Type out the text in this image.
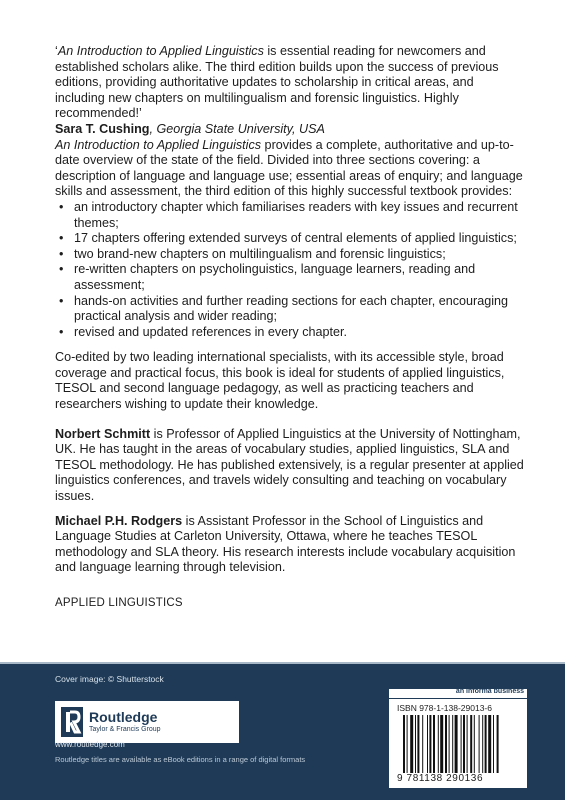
‘An Introduction to Applied Linguistics is essential reading for newcomers and established scholars alike. The third edition builds upon the success of previous editions, providing authoritative updates to scholarship in critical areas, and including new chapters on multilingualism and forensic linguistics. Highly recommended!’
Sara T. Cushing, Georgia State University, USA

An Introduction to Applied Linguistics provides a complete, authoritative and up-to-date overview of the state of the field. Divided into three sections covering: a description of language and language use; essential areas of enquiry; and language skills and assessment, the third edition of this highly successful textbook provides:

• an introductory chapter which familiarises readers with key issues and recurrent themes;
• 17 chapters offering extended surveys of central elements of applied linguistics;
• two brand-new chapters on multilingualism and forensic linguistics;
• re-written chapters on psycholinguistics, language learners, reading and assessment;
• hands-on activities and further reading sections for each chapter, encouraging practical analysis and wider reading;
• revised and updated references in every chapter.

Co-edited by two leading international specialists, with its accessible style, broad coverage and practical focus, this book is ideal for students of applied linguistics, TESOL and second language pedagogy, as well as practicing teachers and researchers wishing to update their knowledge.

Norbert Schmitt is Professor of Applied Linguistics at the University of Nottingham, UK. He has taught in the areas of vocabulary studies, applied linguistics, SLA and TESOL methodology. He has published extensively, is a regular presenter at applied linguistics conferences, and travels widely consulting and teaching on vocabulary issues.

Michael P.H. Rodgers is Assistant Professor in the School of Linguistics and Language Studies at Carleton University, Ottawa, where he teaches TESOL methodology and SLA theory. His research interests include vocabulary acquisition and language learning through television.

APPLIED LINGUISTICS

Cover image: © Shutterstock
an informa business
Routledge
Taylor & Francis Group
www.routledge.com
Routledge titles are available as eBook editions in a range of digital formats
ISBN 978-1-138-29013-6
9 781138 290136
